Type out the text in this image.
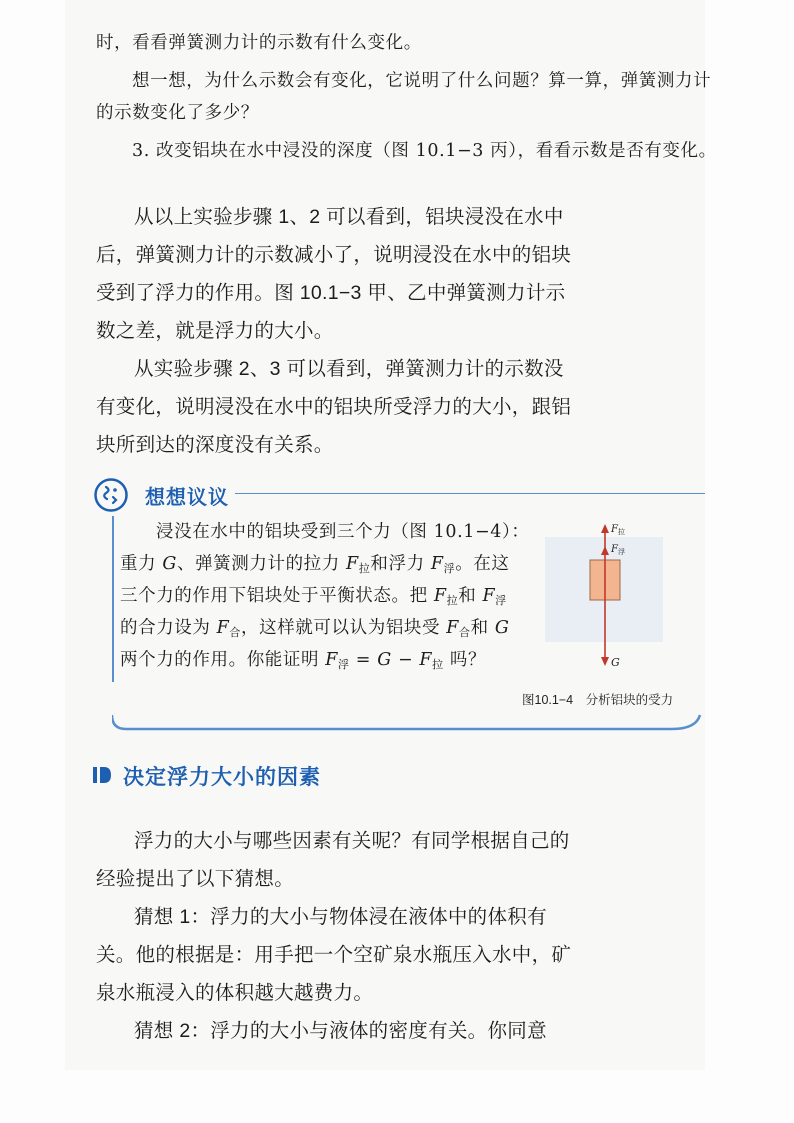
时，看看弹簧测力计的示数有什么变化。
想一想，为什么示数会有变化，它说明了什么问题？算一算，弹簧测力计
的示数变化了多少？
3. 改变铝块在水中浸没的深度（图 10.1−3 丙），看看示数是否有变化。
从以上实验步骤 1、2 可以看到，铝块浸没在水中
后，弹簧测力计的示数减小了，说明浸没在水中的铝块
受到了浮力的作用。图 10.1−3 甲、乙中弹簧测力计示
数之差，就是浮力的大小。
从实验步骤 2、3 可以看到，弹簧测力计的示数没
有变化，说明浸没在水中的铝块所受浮力的大小，跟铝
块所到达的深度没有关系。
想想议议
浸没在水中的铝块受到三个力（图 10.1−4）：
重力 G、弹簧测力计的拉力 $F_拉$和浮力 $F_浮$。在这
三个力的作用下铝块处于平衡状态。把 $F_拉$和 $F_浮$
的合力设为 $F_合$，这样就可以认为铝块受 $F_合$和 G
两个力的作用。你能证明 $F_浮 = G - F_拉$ 吗？
$F_拉$
$F_浮$
G
图10.1−4　分析铝块的受力
决定浮力大小的因素
浮力的大小与哪些因素有关呢？有同学根据自己的
经验提出了以下猜想。
猜想 1：浮力的大小与物体浸在液体中的体积有
关。他的根据是：用手把一个空矿泉水瓶压入水中，矿
泉水瓶浸入的体积越大越费力。
猜想 2：浮力的大小与液体的密度有关。你同意
